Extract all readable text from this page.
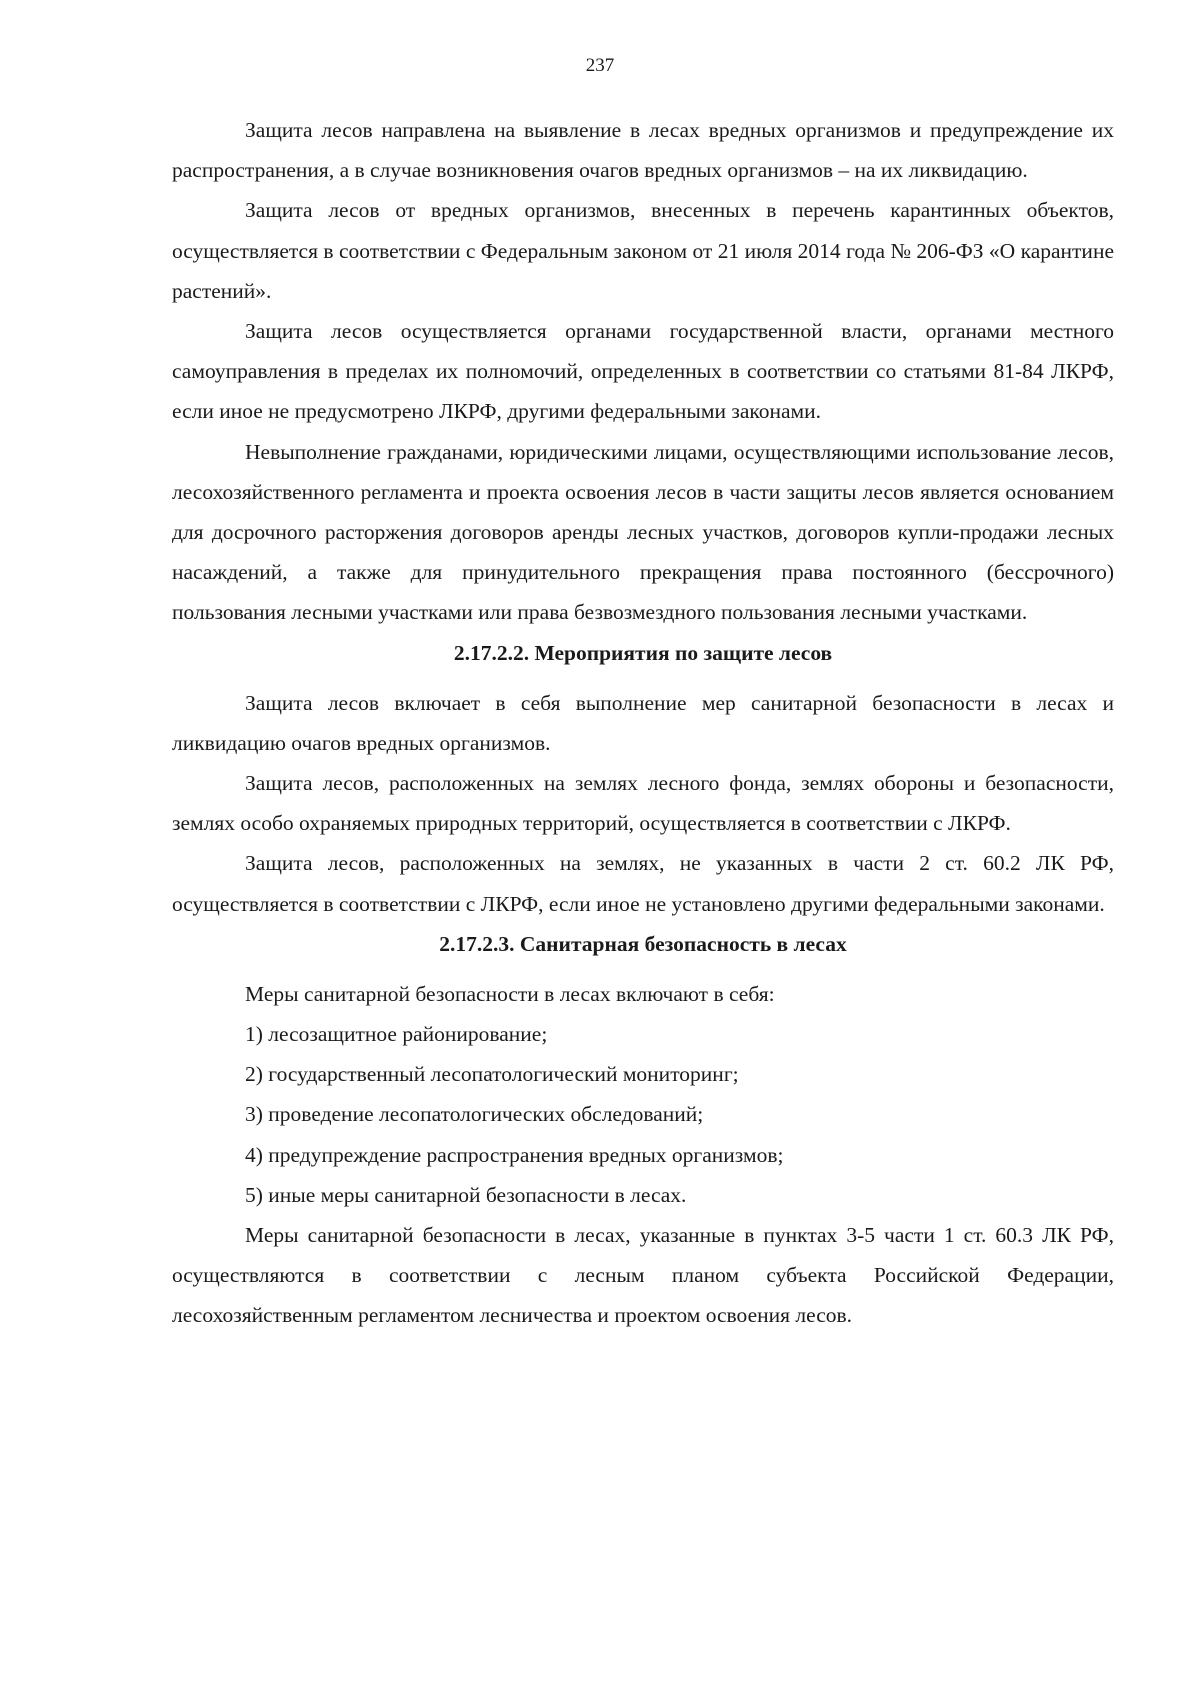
237

Защита лесов направлена на выявление в лесах вредных организмов и предупреждение их распространения, а в случае возникновения очагов вредных организмов – на их ликвидацию.

Защита лесов от вредных организмов, внесенных в перечень карантинных объектов, осуществляется в соответствии с Федеральным законом от 21 июля 2014 года № 206-ФЗ «О карантине растений».

Защита лесов осуществляется органами государственной власти, органами местного самоуправления в пределах их полномочий, определенных в соответствии со статьями 81-84 ЛКРФ, если иное не предусмотрено ЛКРФ, другими федеральными законами.

Невыполнение гражданами, юридическими лицами, осуществляющими использование лесов, лесохозяйственного регламента и проекта освоения лесов в части защиты лесов является основанием для досрочного расторжения договоров аренды лесных участков, договоров купли-продажи лесных насаждений, а также для принудительного прекращения права постоянного (бессрочного) пользования лесными участками или права безвозмездного пользования лесными участками.

2.17.2.2. Мероприятия по защите лесов

Защита лесов включает в себя выполнение мер санитарной безопасности в лесах и ликвидацию очагов вредных организмов.

Защита лесов, расположенных на землях лесного фонда, землях обороны и безопасности, землях особо охраняемых природных территорий, осуществляется в соответствии с ЛКРФ.

Защита лесов, расположенных на землях, не указанных в части 2 ст. 60.2 ЛК РФ, осуществляется в соответствии с ЛКРФ, если иное не установлено другими федеральными законами.

2.17.2.3. Санитарная безопасность в лесах

Меры санитарной безопасности в лесах включают в себя:

1) лесозащитное районирование;

2) государственный лесопатологический мониторинг;

3) проведение лесопатологических обследований;

4) предупреждение распространения вредных организмов;

5) иные меры санитарной безопасности в лесах.

Меры санитарной безопасности в лесах, указанные в пунктах 3-5 части 1 ст. 60.3 ЛК РФ, осуществляются в соответствии с лесным планом субъекта Российской Федерации, лесохозяйственным регламентом лесничества и проектом освоения лесов.
